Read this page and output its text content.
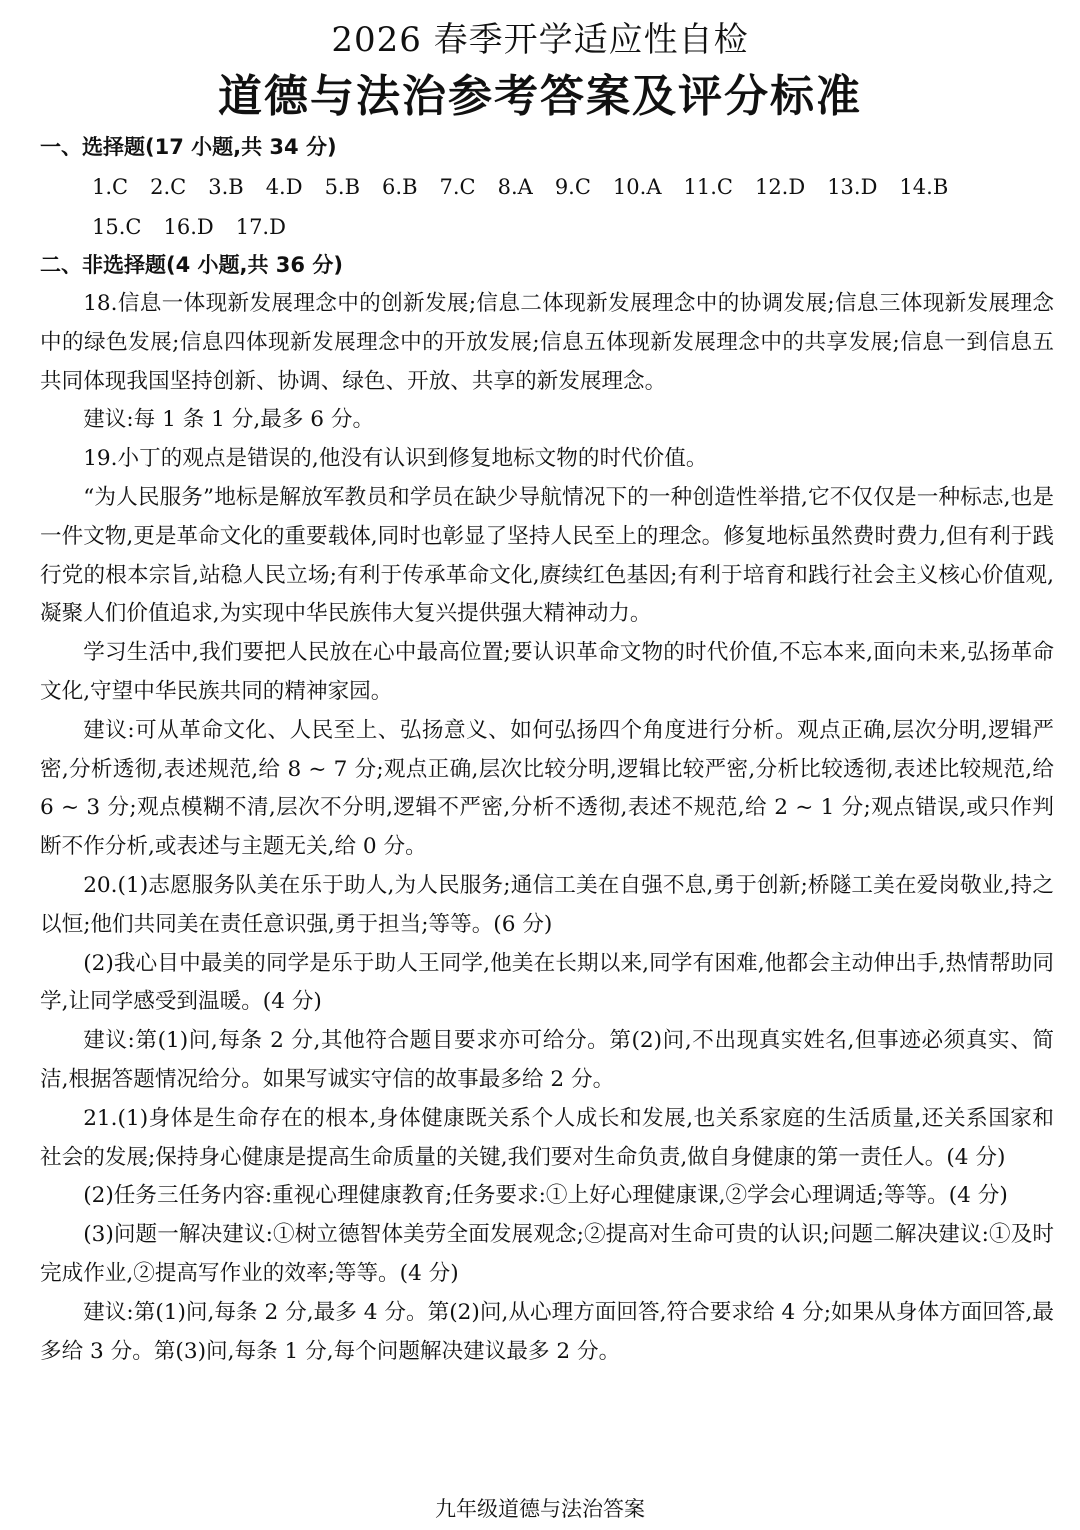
2026 春季开学适应性自检
道德与法治参考答案及评分标准
一、选择题(17 小题,共 34 分)
1.C 2.C 3.B 4.D 5.B 6.B 7.C 8.A 9.C 10.A 11.C 12.D 13.D 14.B
15.C 16.D 17.D
二、非选择题(4 小题,共 36 分)

18.信息一体现新发展理念中的创新发展;信息二体现新发展理念中的协调发展;信息三体现新发展理念中的绿色发展;信息四体现新发展理念中的开放发展;信息五体现新发展理念中的共享发展;信息一到信息五共同体现我国坚持创新、协调、绿色、开放、共享的新发展理念。

建议:每 1 条 1 分,最多 6 分。

19.小丁的观点是错误的,他没有认识到修复地标文物的时代价值。

“为人民服务”地标是解放军教员和学员在缺少导航情况下的一种创造性举措,它不仅仅是一种标志,也是一件文物,更是革命文化的重要载体,同时也彰显了坚持人民至上的理念。修复地标虽然费时费力,但有利于践行党的根本宗旨,站稳人民立场;有利于传承革命文化,赓续红色基因;有利于培育和践行社会主义核心价值观,凝聚人们价值追求,为实现中华民族伟大复兴提供强大精神动力。

学习生活中,我们要把人民放在心中最高位置;要认识革命文物的时代价值,不忘本来,面向未来,弘扬革命文化,守望中华民族共同的精神家园。

建议:可从革命文化、人民至上、弘扬意义、如何弘扬四个角度进行分析。观点正确,层次分明,逻辑严密,分析透彻,表述规范,给 8 ~ 7 分;观点正确,层次比较分明,逻辑比较严密,分析比较透彻,表述比较规范,给 6 ~ 3 分;观点模糊不清,层次不分明,逻辑不严密,分析不透彻,表述不规范,给 2 ~ 1 分;观点错误,或只作判断不作分析,或表述与主题无关,给 0 分。

20.(1)志愿服务队美在乐于助人,为人民服务;通信工美在自强不息,勇于创新;桥隧工美在爱岗敬业,持之以恒;他们共同美在责任意识强,勇于担当;等等。(6 分)

(2)我心目中最美的同学是乐于助人王同学,他美在长期以来,同学有困难,他都会主动伸出手,热情帮助同学,让同学感受到温暖。(4 分)

建议:第(1)问,每条 2 分,其他符合题目要求亦可给分。第(2)问,不出现真实姓名,但事迹必须真实、简洁,根据答题情况给分。如果写诚实守信的故事最多给 2 分。

21.(1)身体是生命存在的根本,身体健康既关系个人成长和发展,也关系家庭的生活质量,还关系国家和社会的发展;保持身心健康是提高生命质量的关键,我们要对生命负责,做自身健康的第一责任人。(4 分)

(2)任务三任务内容:重视心理健康教育;任务要求:①上好心理健康课,②学会心理调适;等等。(4 分)

(3)问题一解决建议:①树立德智体美劳全面发展观念;②提高对生命可贵的认识;问题二解决建议:①及时完成作业,②提高写作业的效率;等等。(4 分)

建议:第(1)问,每条 2 分,最多 4 分。第(2)问,从心理方面回答,符合要求给 4 分;如果从身体方面回答,最多给 3 分。第(3)问,每条 1 分,每个问题解决建议最多 2 分。

九年级道德与法治答案
